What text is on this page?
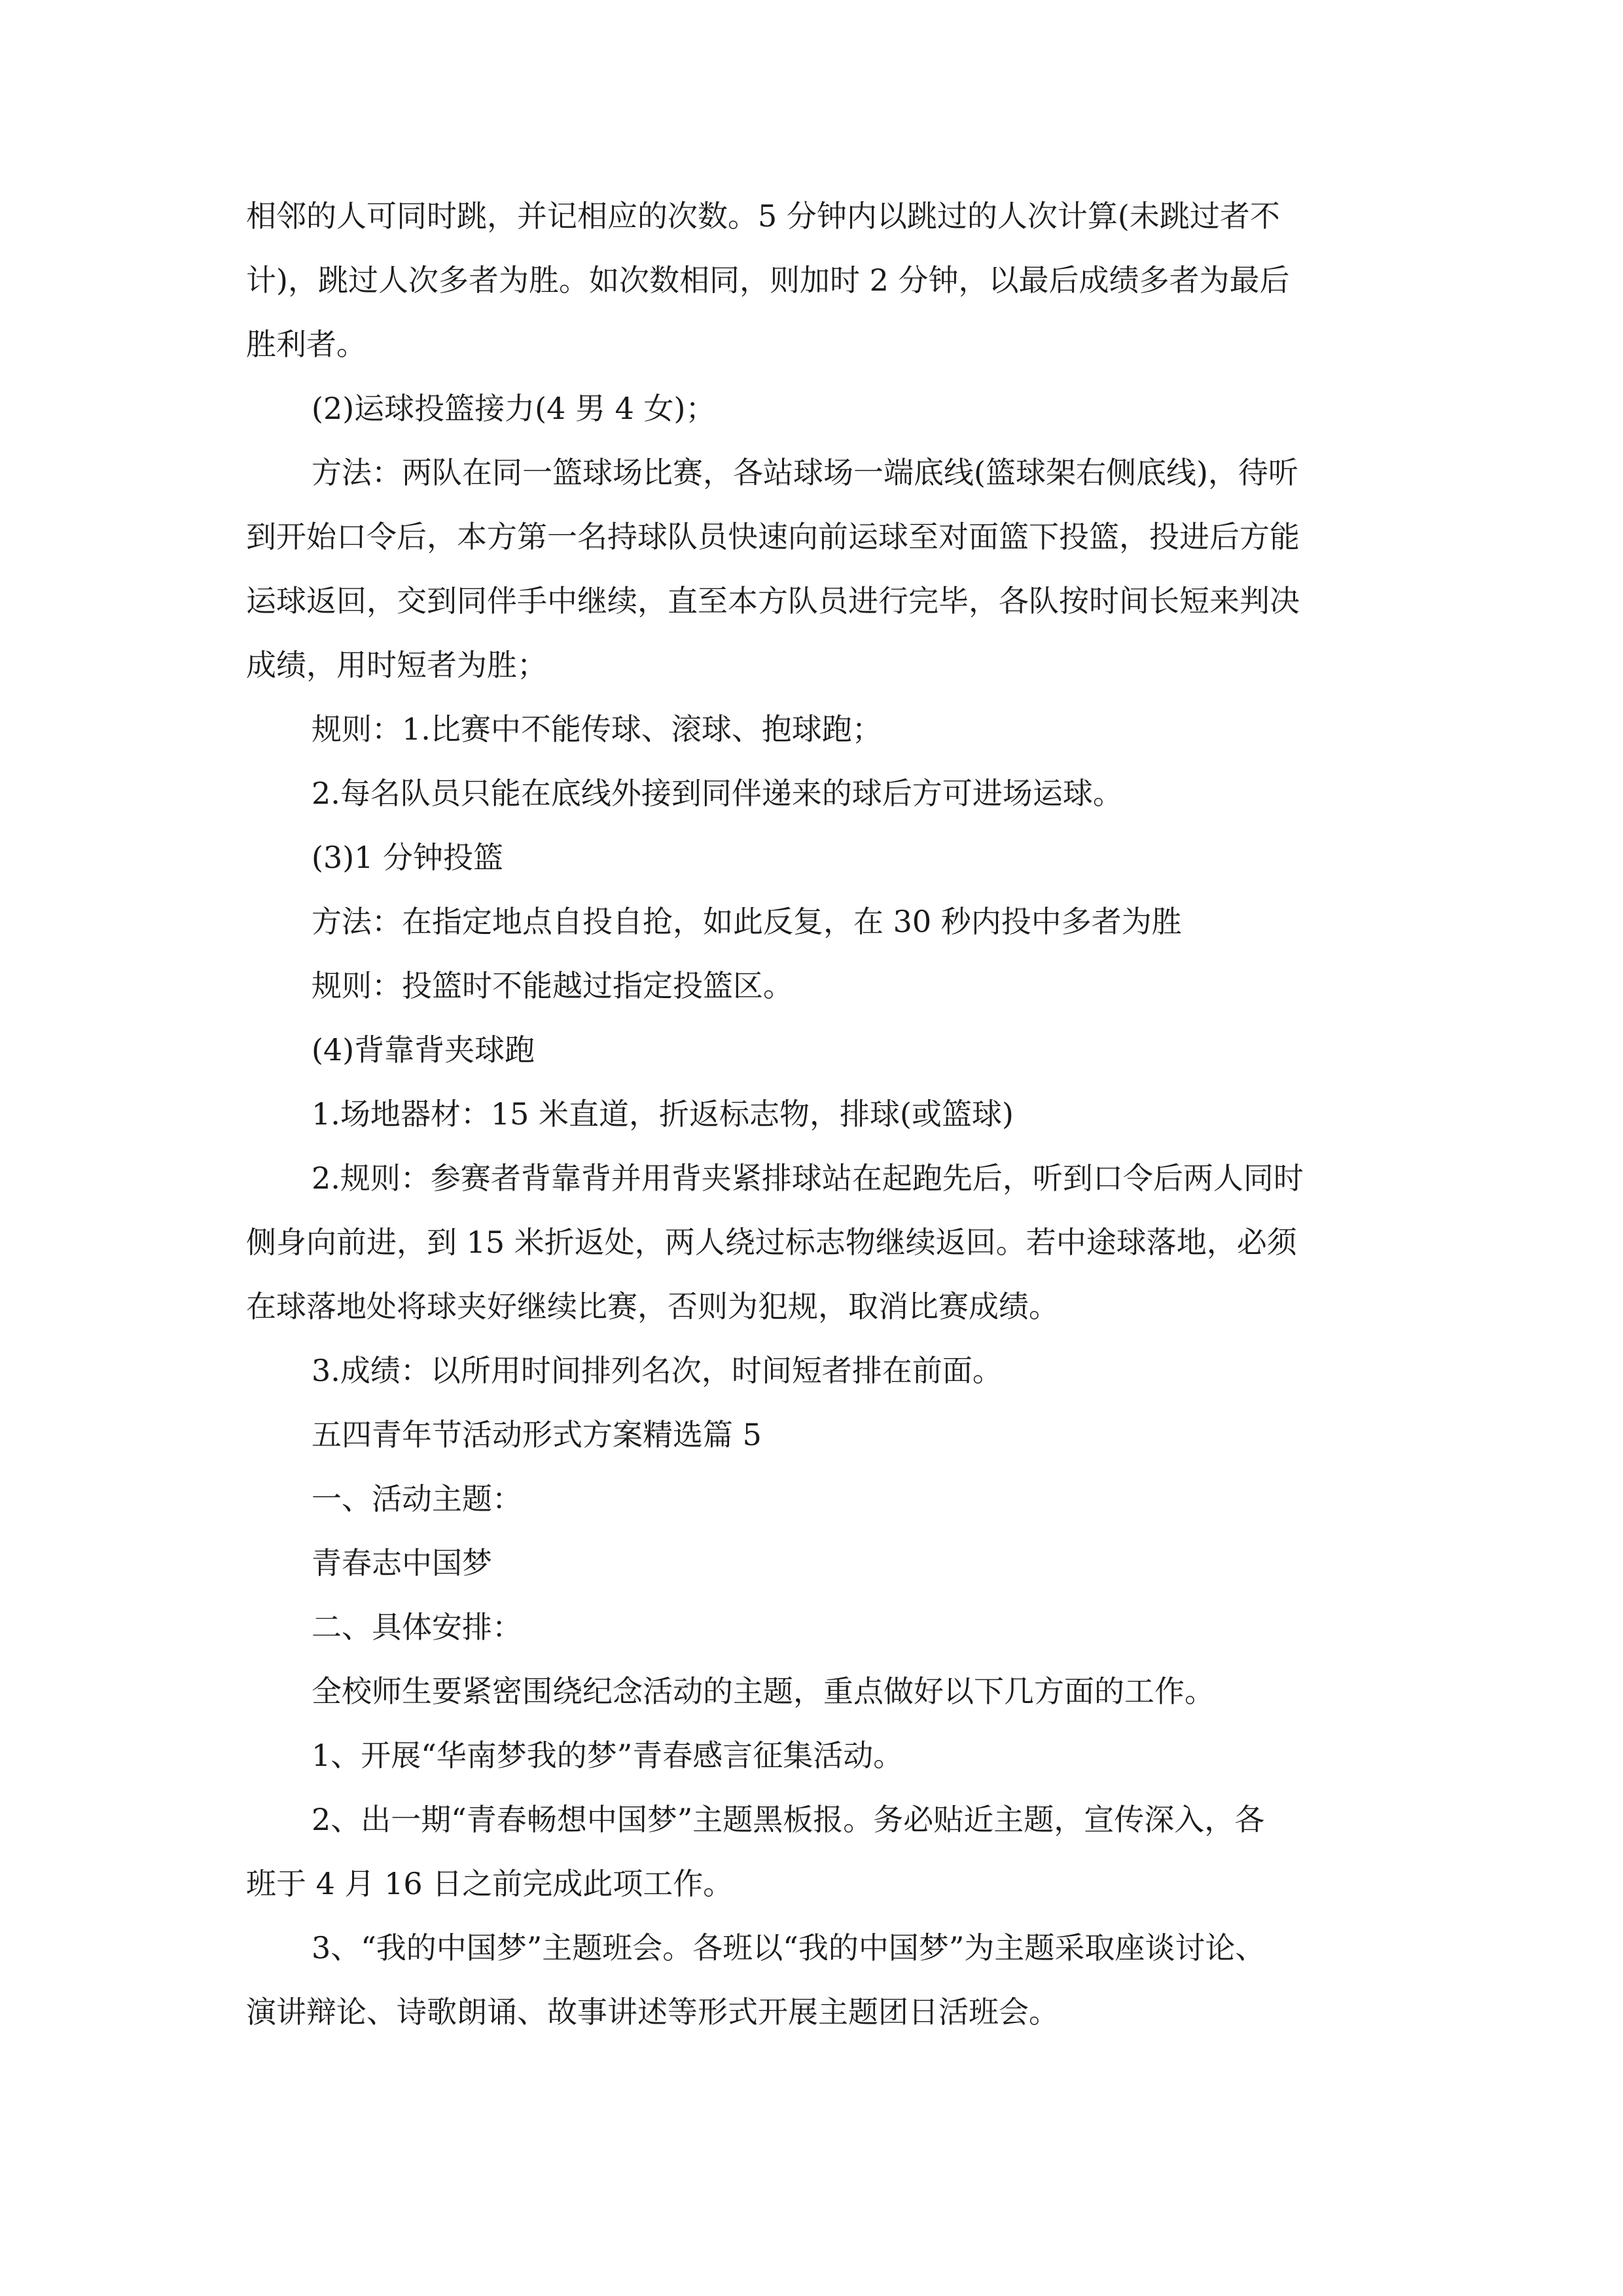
相邻的人可同时跳，并记相应的次数。5 分钟内以跳过的人次计算(未跳过者不
计)，跳过人次多者为胜。如次数相同，则加时 2 分钟，以最后成绩多者为最后
胜利者。
(2)运球投篮接力(4 男 4 女)；
方法：两队在同一篮球场比赛，各站球场一端底线(篮球架右侧底线)，待听
到开始口令后，本方第一名持球队员快速向前运球至对面篮下投篮，投进后方能
运球返回，交到同伴手中继续，直至本方队员进行完毕，各队按时间长短来判决
成绩，用时短者为胜；
规则：1.比赛中不能传球、滚球、抱球跑；
2.每名队员只能在底线外接到同伴递来的球后方可进场运球。
(3)1 分钟投篮
方法：在指定地点自投自抢，如此反复，在 30 秒内投中多者为胜
规则：投篮时不能越过指定投篮区。
(4)背靠背夹球跑
1.场地器材：15 米直道，折返标志物，排球(或篮球)
2.规则：参赛者背靠背并用背夹紧排球站在起跑先后，听到口令后两人同时
侧身向前进，到 15 米折返处，两人绕过标志物继续返回。若中途球落地，必须
在球落地处将球夹好继续比赛，否则为犯规，取消比赛成绩。
3.成绩：以所用时间排列名次，时间短者排在前面。
五四青年节活动形式方案精选篇 5
一、活动主题：
青春志中国梦
二、具体安排：
全校师生要紧密围绕纪念活动的主题，重点做好以下几方面的工作。
1、开展“华南梦我的梦”青春感言征集活动。
2、出一期“青春畅想中国梦”主题黑板报。务必贴近主题，宣传深入，各
班于 4 月 16 日之前完成此项工作。
3、“我的中国梦”主题班会。各班以“我的中国梦”为主题采取座谈讨论、
演讲辩论、诗歌朗诵、故事讲述等形式开展主题团日活班会。
